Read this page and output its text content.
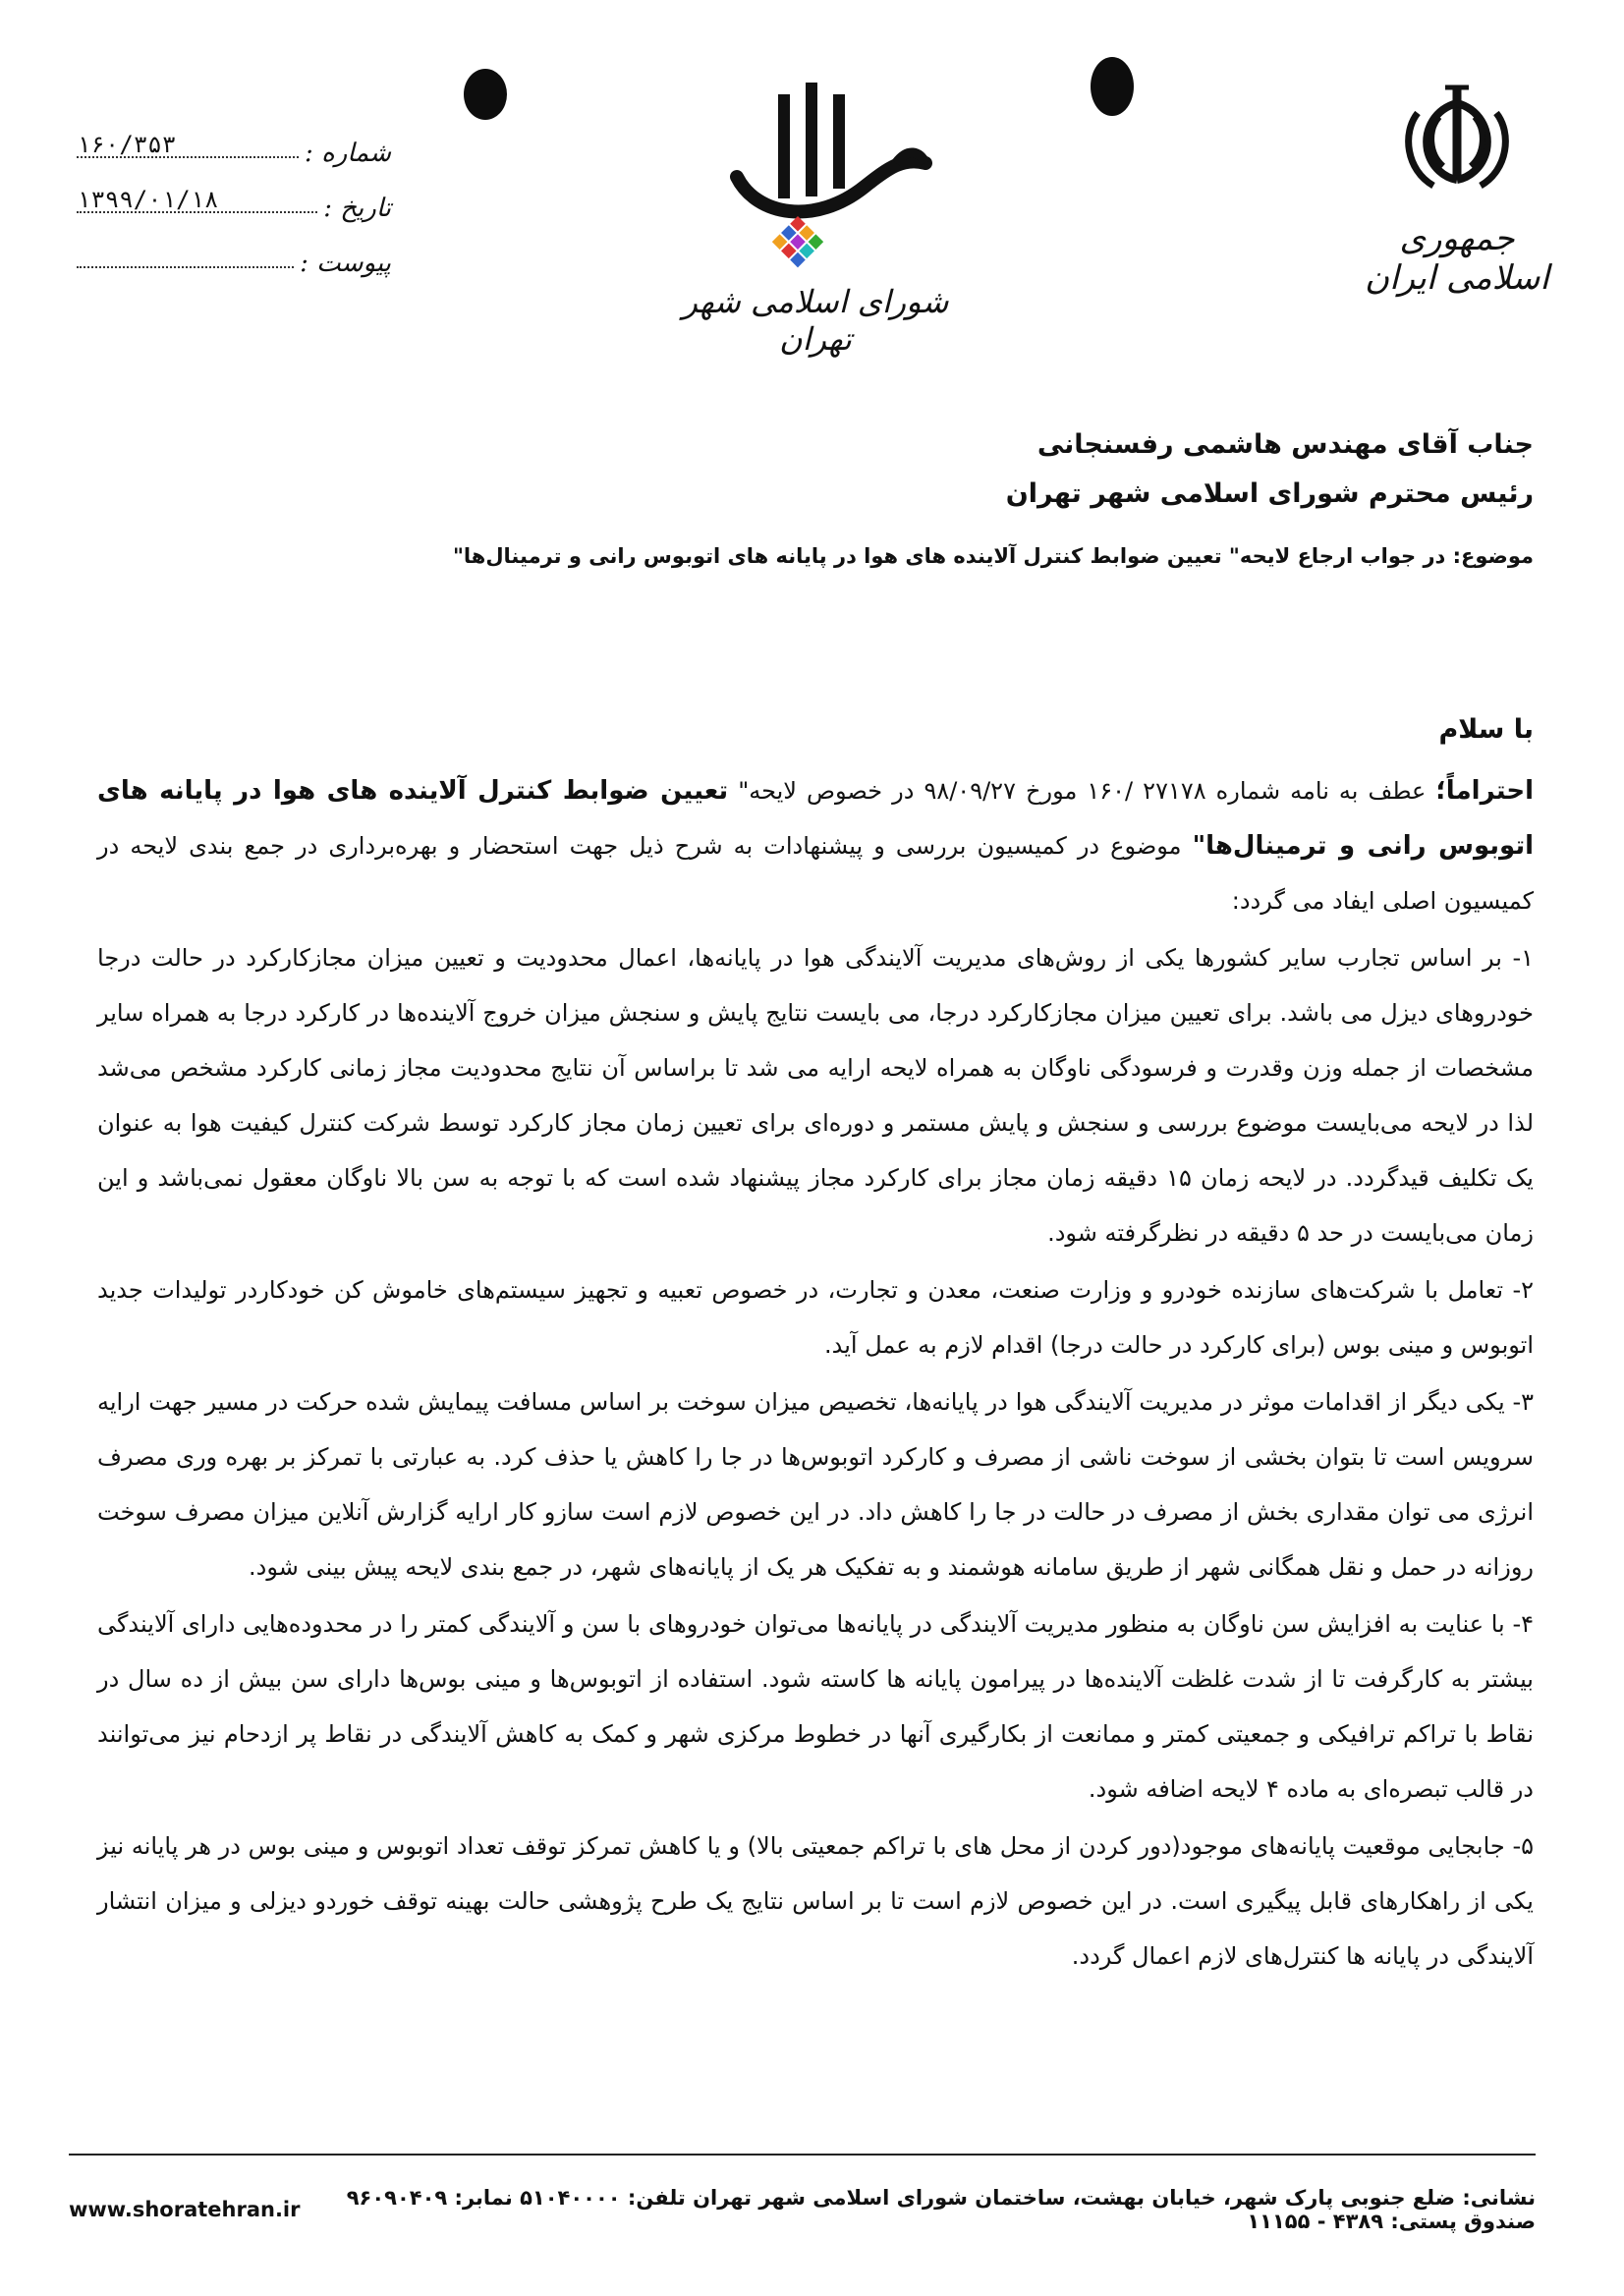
جمهوری اسلامی ایران
شورای اسلامی شهر تهران
شماره :
۱۶۰/۳۵۳
تاریخ :
۱۳۹۹/۰۱/۱۸
پیوست :
جناب آقای مهندس هاشمی رفسنجانی
رئیس محترم شورای اسلامی شهر تهران
موضوع: در جواب ارجاع لایحه" تعیین ضوابط کنترل آلاینده های هوا در پایانه های اتوبوس رانی و ترمینال‌ها"

با سلام

احتراماً؛ عطف به نامه شماره ۲۷۱۷۸ /۱۶۰ مورخ ۹۸/۰۹/۲۷ در خصوص لایحه" تعیین ضوابط کنترل آلاینده های هوا در پایانه های اتوبوس رانی و ترمینال‌ها" موضوع در کمیسیون بررسی و پیشنهادات به شرح ذیل جهت استحضار و بهره‌برداری در جمع بندی لایحه در کمیسیون اصلی ایفاد می گردد:

۱- بر اساس تجارب سایر کشورها یکی از روش‌های مدیریت آلایندگی هوا در پایانه‌ها، اعمال محدودیت و تعیین میزان مجازکارکرد در حالت درجا خودروهای دیزل می باشد. برای تعیین میزان مجازکارکرد درجا، می بایست نتایج پایش و سنجش میزان خروج آلاینده‌ها در کارکرد درجا به همراه سایر مشخصات از جمله وزن وقدرت و فرسودگی ناوگان به همراه لایحه ارایه می شد تا براساس آن نتایج محدودیت مجاز زمانی کارکرد مشخص می‌شد لذا در لایحه می‌بایست موضوع بررسی و سنجش و پایش مستمر و دوره‌ای برای تعیین زمان مجاز کارکرد توسط شرکت کنترل کیفیت هوا به عنوان یک تکلیف قیدگردد. در لایحه زمان ۱۵ دقیقه زمان مجاز برای کارکرد مجاز پیشنهاد شده است که با توجه به سن بالا ناوگان معقول نمی‌باشد و این زمان می‌بایست در حد ۵ دقیقه در نظرگرفته شود.

۲- تعامل با شرکت‌های سازنده خودرو و وزارت صنعت، معدن و تجارت، در خصوص تعبیه و تجهیز سیستم‌های خاموش کن خودکاردر تولیدات جدید اتوبوس و مینی بوس (برای کارکرد در حالت درجا) اقدام لازم به عمل آید.

۳- یکی دیگر از اقدامات موثر در مدیریت آلایندگی هوا در پایانه‌ها، تخصیص میزان سوخت بر اساس مسافت پیمایش شده حرکت در مسیر جهت ارایه سرویس است تا بتوان بخشی از سوخت ناشی از مصرف و کارکرد اتوبوس‌ها در جا را کاهش یا حذف کرد. به عبارتی با تمرکز بر بهره وری مصرف انرژی می توان مقداری بخش از مصرف در حالت در جا را کاهش داد. در این خصوص لازم است سازو کار ارایه گزارش آنلاین میزان مصرف سوخت روزانه در حمل و نقل همگانی شهر از طریق سامانه هوشمند و به تفکیک هر یک از پایانه‌های شهر، در جمع بندی لایحه پیش بینی شود.

۴- با عنایت به افزایش سن ناوگان به منظور مدیریت آلایندگی در پایانه‌ها می‌توان خودروهای با سن و آلایندگی کمتر را در محدوده‌هایی دارای آلایندگی بیشتر به کارگرفت تا از شدت غلظت آلاینده‌ها در پیرامون پایانه ها کاسته شود. استفاده از اتوبوس‌ها و مینی بوس‌ها دارای سن بیش از ده سال در نقاط با تراکم ترافیکی و جمعیتی کمتر و ممانعت از بکارگیری آنها در خطوط مرکزی شهر و کمک به کاهش آلایندگی در نقاط پر ازدحام نیز می‌توانند در قالب تبصره‌ای به ماده ۴ لایحه اضافه شود.

۵- جابجایی موقعیت پایانه‌های موجود(دور کردن از محل های با تراکم جمعیتی بالا) و یا کاهش تمرکز توقف تعداد اتوبوس و مینی بوس در هر پایانه نیز یکی از راهکارهای قابل پیگیری است. در این خصوص لازم است تا بر اساس نتایج یک طرح پژوهشی حالت بهینه توقف خوردو دیزلی و میزان انتشار آلایندگی در پایانه ها کنترل‌های لازم اعمال گردد.

نشانی: ضلع جنوبی پارک شهر، خیابان بهشت، ساختمان شورای اسلامی شهر تهران تلفن: ۵۱۰۴۰۰۰۰ نمابر: ۹۶۰۹۰۴۰۹ صندوق پستی: ۴۳۸۹ - ۱۱۱۵۵
www.shoratehran.ir
